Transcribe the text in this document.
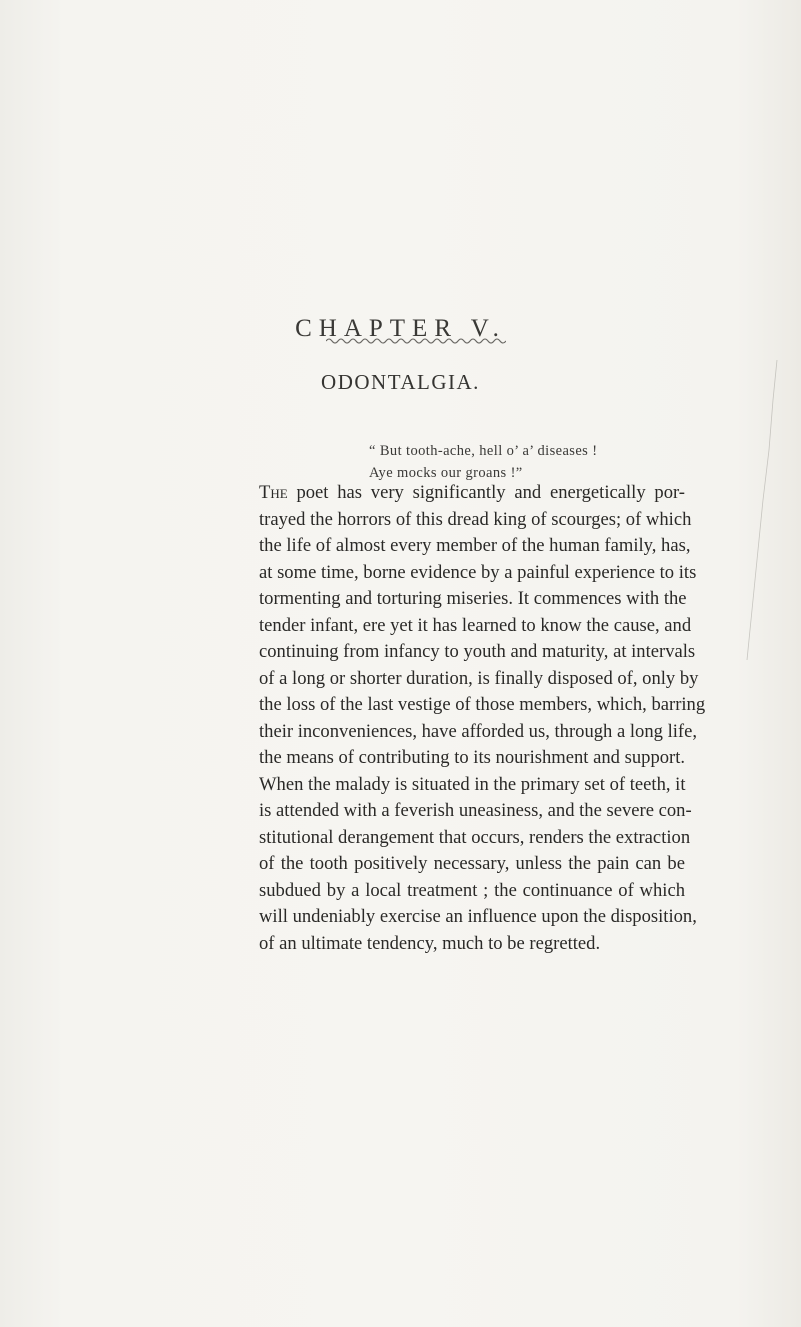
CHAPTER V.
ODONTALGIA.
“ But tooth-ache, hell o’ a’ diseases !
Aye mocks our groans !”
The poet has very significantly and energetically por-
trayed the horrors of this dread king of scourges; of which
the life of almost every member of the human family, has,
at some time, borne evidence by a painful experience to its
tormenting and torturing miseries. It commences with the
tender infant, ere yet it has learned to know the cause, and
continuing from infancy to youth and maturity, at intervals
of a long or shorter duration, is finally disposed of, only by
the loss of the last vestige of those members, which, barring
their inconveniences, have afforded us, through a long life,
the means of contributing to its nourishment and support.
When the malady is situated in the primary set of teeth, it
is attended with a feverish uneasiness, and the severe con-
stitutional derangement that occurs, renders the extraction
of the tooth positively necessary, unless the pain can be
subdued by a local treatment ; the continuance of which
will undeniably exercise an influence upon the disposition,
of an ultimate tendency, much to be regretted.
